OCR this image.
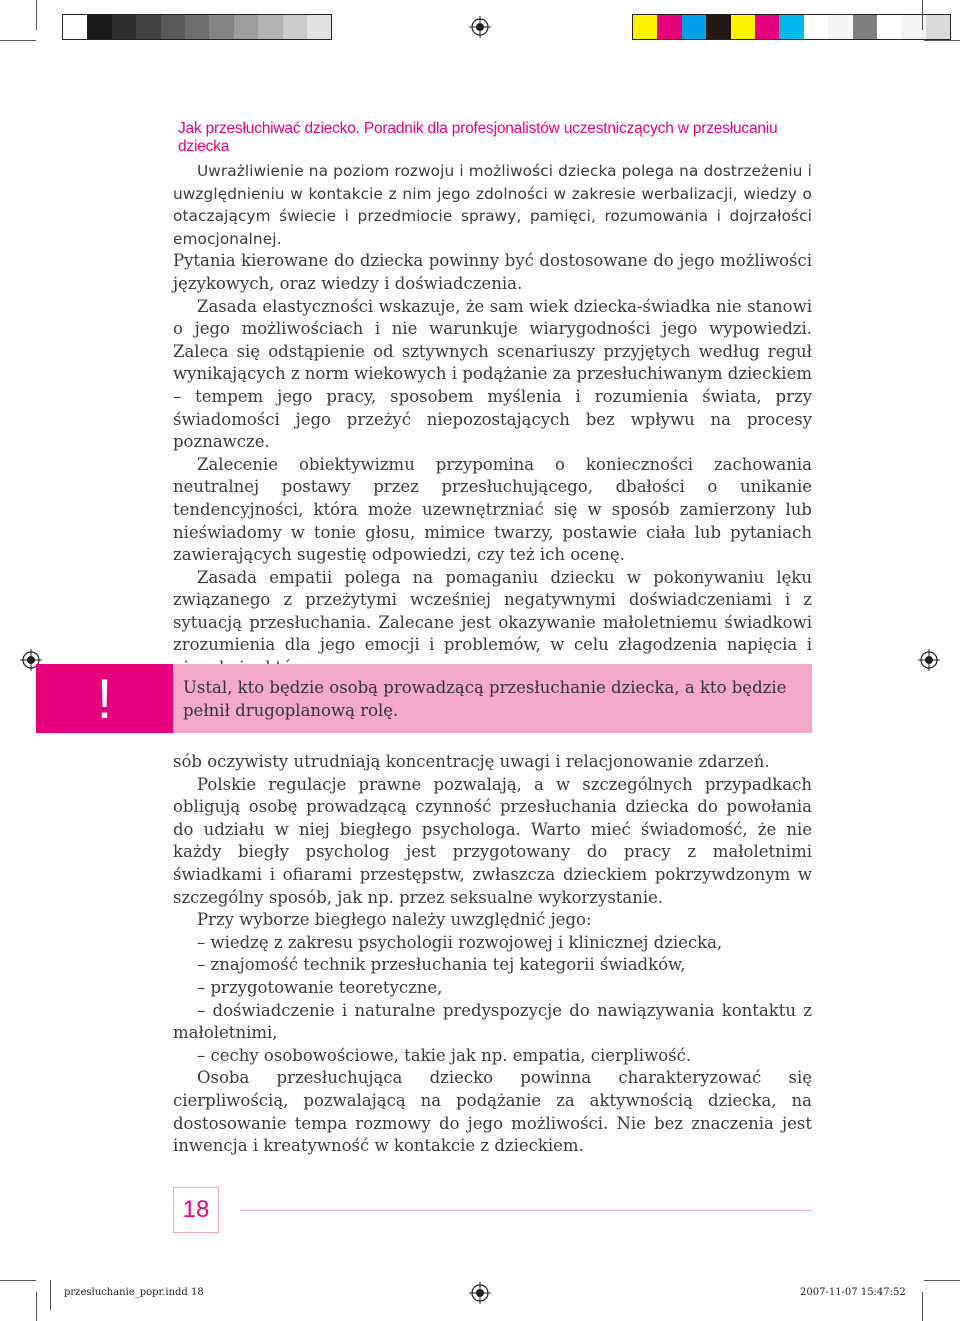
Jak przesłuchiwać dziecko. Poradnik dla profesjonalistów uczestniczących w przesłucaniu dziecka

Uwrażliwienie na poziom rozwoju i możliwości dziecka polega na dostrzeżeniu i uwzględnieniu w kontakcie z nim jego zdolności w zakresie werbalizacji, wiedzy o otaczającym świecie i przedmiocie sprawy, pamięci, rozumowania i dojrzałości emocjonalnej.

Pytania kierowane do dziecka powinny być dostosowane do jego możliwości językowych, oraz wiedzy i doświadczenia.

Zasada elastyczności wskazuje, że sam wiek dziecka-świadka nie stanowi o jego możliwościach i nie warunkuje wiarygodności jego wypowiedzi. Zaleca się odstąpienie od sztywnych scenariuszy przyjętych według reguł wynikających z norm wiekowych i podążanie za przesłuchiwanym dzieckiem – tempem jego pracy, sposobem myślenia i rozumienia świata, przy świadomości jego przeżyć niepozostających bez wpływu na procesy poznawcze.

Zalecenie obiektywizmu przypomina o konieczności zachowania neutralnej postawy przez przesłuchującego, dbałości o unikanie tendencyjności, która może uzewnętrzniać się w sposób zamierzony lub nieświadomy w tonie głosu, mimice twarzy, postawie ciała lub pytaniach zawierających sugestię odpowiedzi, czy też ich ocenę.

Zasada empatii polega na pomaganiu dziecku w pokonywaniu lęku związanego z przeżytymi wcześniej negatywnymi doświadczeniami i z sytuacją przesłuchania. Zalecane jest okazywanie małoletniemu świadkowi zrozumienia dla jego emocji i problemów, w celu złagodzenia napięcia i

!	Ustal, kto będzie osobą prowadzącą przesłuchanie dziecka, a kto będzie pełnił drugoplanową rolę.

sób oczywisty utrudniają koncentrację uwagi i relacjonowanie zdarzeń.

Polskie regulacje prawne pozwalają, a w szczególnych przypadkach obligują osobę prowadzącą czynność przesłuchania dziecka do powołania do udziału w niej biegłego psychologa. Warto mieć świadomość, że nie każdy biegły psycholog jest przygotowany do pracy z małoletnimi świadkami i ofiarami przestępstw, zwłaszcza dzieckiem pokrzywdzonym w szczególny sposób, jak np. przez seksualne wykorzystanie.

Przy wyborze biegłego należy uwzględnić jego:

– wiedzę z zakresu psychologii rozwojowej i klinicznej dziecka,

– znajomość technik przesłuchania tej kategorii świadków,

– przygotowanie teoretyczne,

– doświadczenie i naturalne predyspozycje do nawiązywania kontaktu z małoletnimi,

– cechy osobowościowe, takie jak np. empatia, cierpliwość.

Osoba przesłuchująca dziecko powinna charakteryzować się cierpliwością, pozwalającą na podążanie za aktywnością dziecka, na dostosowanie tempa rozmowy do jego możliwości. Nie bez znaczenia jest inwencja i kreatywność w kontakcie z dzieckiem.

18
przesluchanie_popr.indd 18	2007-11-07 15:47:52
